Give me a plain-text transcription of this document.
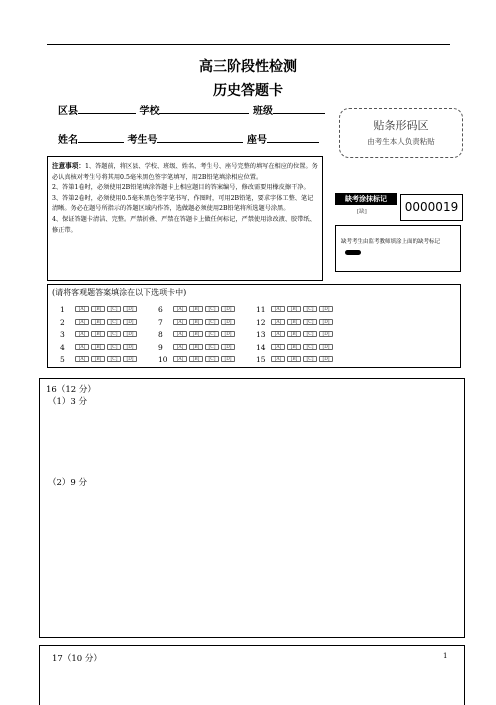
高三阶段性检测
历史答题卡
区县	学校	班级
姓名	考生号	座号
贴条形码区
由考生本人负责粘贴
注意事项：1、答题前，将区县、学校、班级、姓名、考生号、座号完整的填写在相应的位置。务必认真核对考生号将其用0.5毫米黑色签字笔填写，用2B铅笔填涂相应位置。
2、答第1卷时，必须使用2B铅笔填涂答题卡上相应题目的答案编号，修改需要用橡皮擦干净。
3、答第2卷时，必须使用0.5毫米黑色签字笔书写，作图时，可用2B铅笔，要求字体工整、笔记清晰。务必在题号所指示的答题区域内作答，选做题必须使用2B铅笔将所选题号涂黑。
4、保证答题卡清洁、完整。严禁折叠、严禁在答题卡上做任何标记，严禁使用涂改液、胶带纸、修正带。
缺考涂抹标记
[缺]	0000019
缺考考生由监考教师填涂上面的缺考标记
(请将客观题答案填涂在以下选项卡中)
1	[A] [B] [C] [D]
2	[A] [B] [C] [D]
3	[A] [B] [C] [D]
4	[A] [B] [C] [D]
5	[A] [B] [C] [D]
6	[A] [B] [C] [D]
7	[A] [B] [C] [D]
8	[A] [B] [C] [D]
9	[A] [B] [C] [D]
10	[A] [B] [C] [D]
11	[A] [B] [C] [D]
12	[A] [B] [C] [D]
13	[A] [B] [C] [D]
14	[A] [B] [C] [D]
15	[A] [B] [C] [D]
16（12 分）
（1）3 分
（2）9 分
17（10 分）	1
